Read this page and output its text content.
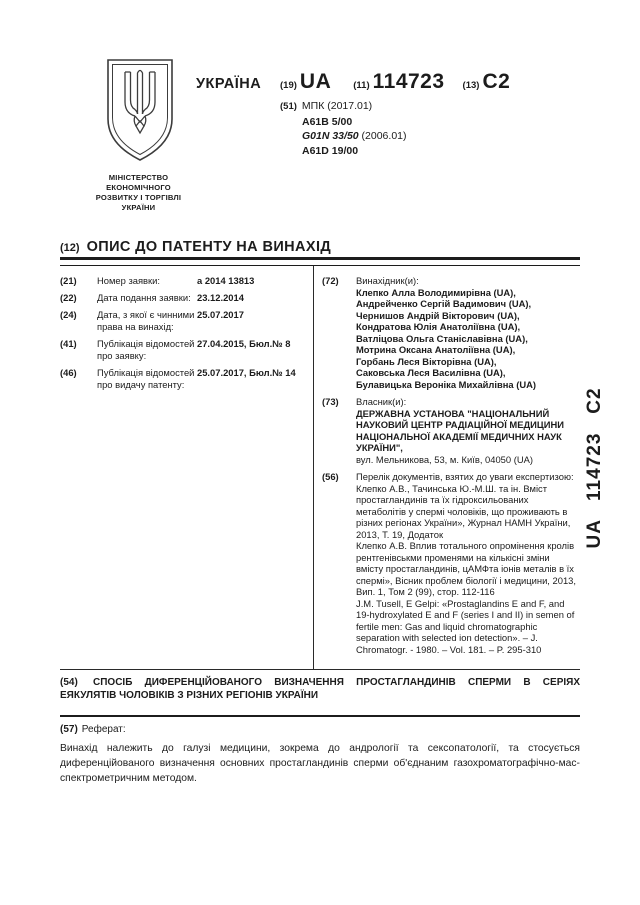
УКРАЇНА (19) UA (11) 114723 (13) C2
(51) МПК (2017.01)
A61B 5/00
G01N 33/50 (2006.01)
A61D 19/00
МІНІСТЕРСТВО
ЕКОНОМІЧНОГО
РОЗВИТКУ І ТОРГІВЛІ
УКРАЇНИ
(12) ОПИС ДО ПАТЕНТУ НА ВИНАХІД
(21)	Номер заявки:	а 2014 13813
(22)	Дата подання заявки: 23.12.2014
(24)	Дата, з якої є чинними права на винахід:
25.07.2017
(41)	Публікація відомостей про заявку:
27.04.2015, Бюл.№ 8
(46)	Публікація відомостей про видачу патенту:
25.07.2017, Бюл.№ 14
(72)	Винахідник(и):
Клепко Алла Володимирівна (UA),
Андрейченко Сергій Вадимович (UA),
Чернишов Андрій Вікторович (UA),
Кондратова Юлія Анатоліївна (UA),
Ватліцова Ольга Станіславівна (UA),
Мотрина Оксана Анатоліївна (UA),
Горбань Леся Вікторівна (UA),
Саковська Леся Василівна (UA),
Булавицька Вероніка Михайлівна (UA)
(73)	Власник(и):
ДЕРЖАВНА УСТАНОВА "НАЦІОНАЛЬНИЙ НАУКОВИЙ ЦЕНТР РАДІАЦІЙНОЇ МЕДИЦИНИ НАЦІОНАЛЬНОЇ АКАДЕМІЇ МЕДИЧНИХ НАУК УКРАЇНИ",
вул. Мельникова, 53, м. Київ, 04050 (UA)
(56)	Перелік документів, взятих до уваги експертизою:

Клепко А.В., Тачинська Ю.-М.Ш. та ін. Вміст простагландинів та їх гідроксильованих метаболітів у спермі чоловіків, що проживають в різних регіонах України», Журнал НАМН України, 2013, Т. 19, Додаток

Клепко А.В. Вплив тотального опромінення кролів рентгенівськми променями на кількісні зміни вмісту простагландинів, цАМФта іонів металів в їх спермі», Вісник проблем біології і медицини, 2013, Вип. 1, Том 2 (99), стор. 112-116

J.M. Tusell, E Gelpi: «Prostaglandins E and F, and 19-hydroxylated E and F (series I and II) in semen of fertile men: Gas and liquid chromatographic separation with selected ion detection». – J. Chromatogr. - 1980. – Vol. 181. – P. 295-310

UA   114723   C2
(54) СПОСІБ ДИФЕРЕНЦІЙОВАНОГО ВИЗНАЧЕННЯ ПРОСТАГЛАНДИНІВ СПЕРМИ В СЕРІЯХ ЕЯКУЛЯТІВ ЧОЛОВІКІВ З РІЗНИХ РЕГІОНІВ УКРАЇНИ
(57) Реферат:
Винахід належить до галузі медицини, зокрема до андрології та сексопатології, та стосується диференційованого визначення основних простагландинів сперми об'єднаним газохроматографічно-мас-спектрометричним методом.
